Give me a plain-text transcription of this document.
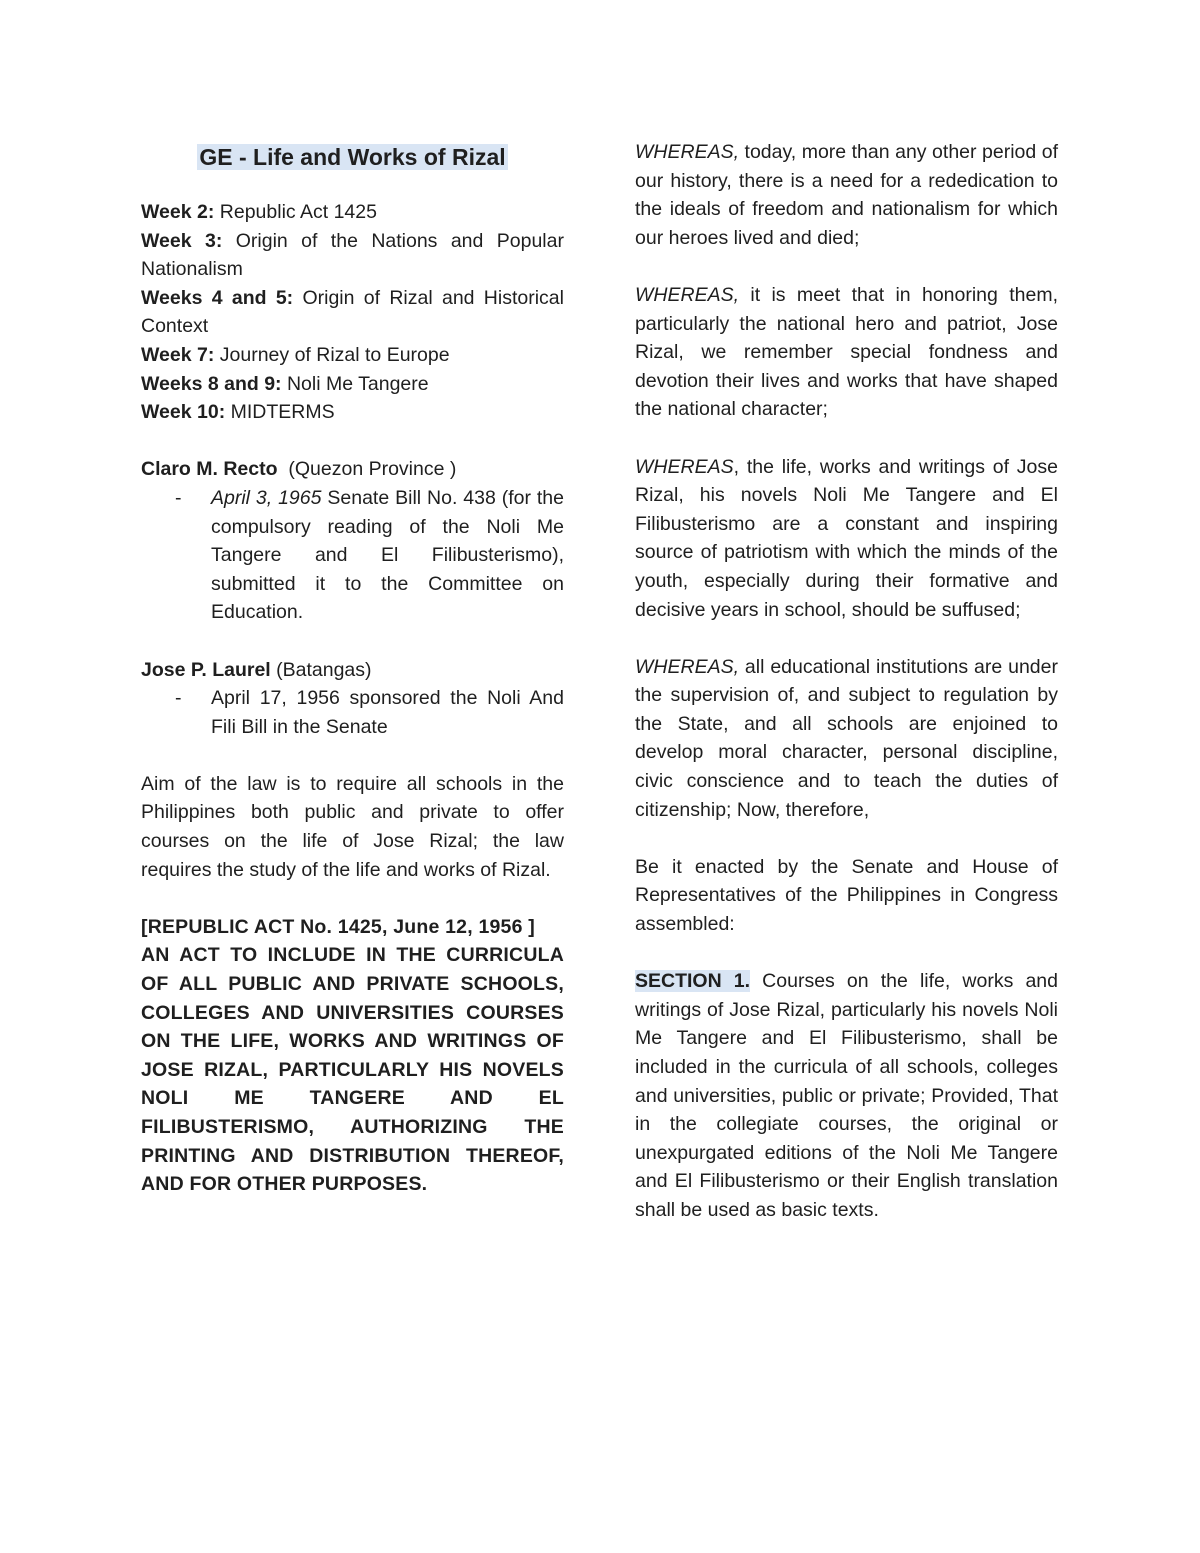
GE - Life and Works of Rizal

Week 2: Republic Act 1425

Week 3: Origin of the Nations and Popular Nationalism

Weeks 4 and 5: Origin of Rizal and Historical Context

Week 7: Journey of Rizal to Europe

Weeks 8 and 9: Noli Me Tangere

Week 10: MIDTERMS

Claro M. Recto  (Quezon Province )

- April 3, 1965 Senate Bill No. 438 (for the compulsory reading of the Noli Me Tangere and El Filibusterismo), submitted it to the Committee on Education.

Jose P. Laurel (Batangas)

- April 17, 1956 sponsored the Noli And Fili Bill in the Senate

Aim of the law is to require all schools in the Philippines both public and private to offer courses on the life of Jose Rizal; the law requires the study of the life and works of Rizal.

[REPUBLIC ACT No. 1425, June 12, 1956 ]

AN ACT TO INCLUDE IN THE CURRICULA OF ALL PUBLIC AND PRIVATE SCHOOLS, COLLEGES AND UNIVERSITIES COURSES ON THE LIFE, WORKS AND WRITINGS OF JOSE RIZAL, PARTICULARLY HIS NOVELS NOLI ME TANGERE AND EL FILIBUSTERISMO, AUTHORIZING THE PRINTING AND DISTRIBUTION THEREOF, AND FOR OTHER PURPOSES.

WHEREAS, today, more than any other period of our history, there is a need for a rededication to the ideals of freedom and nationalism for which our heroes lived and died;

WHEREAS, it is meet that in honoring them, particularly the national hero and patriot, Jose Rizal, we remember special fondness and devotion their lives and works that have shaped the national character;

WHEREAS, the life, works and writings of Jose Rizal, his novels Noli Me Tangere and El Filibusterismo are a constant and inspiring source of patriotism with which the minds of the youth, especially during their formative and decisive years in school, should be suffused;

WHEREAS, all educational institutions are under the supervision of, and subject to regulation by the State, and all schools are enjoined to develop moral character, personal discipline, civic conscience and to teach the duties of citizenship; Now, therefore,

Be it enacted by the Senate and House of Representatives of the Philippines in Congress assembled:

SECTION 1. Courses on the life, works and writings of Jose Rizal, particularly his novels Noli Me Tangere and El Filibusterismo, shall be included in the curricula of all schools, colleges and universities, public or private; Provided, That in the collegiate courses, the original or unexpurgated editions of the Noli Me Tangere and El Filibusterismo or their English translation shall be used as basic texts.
